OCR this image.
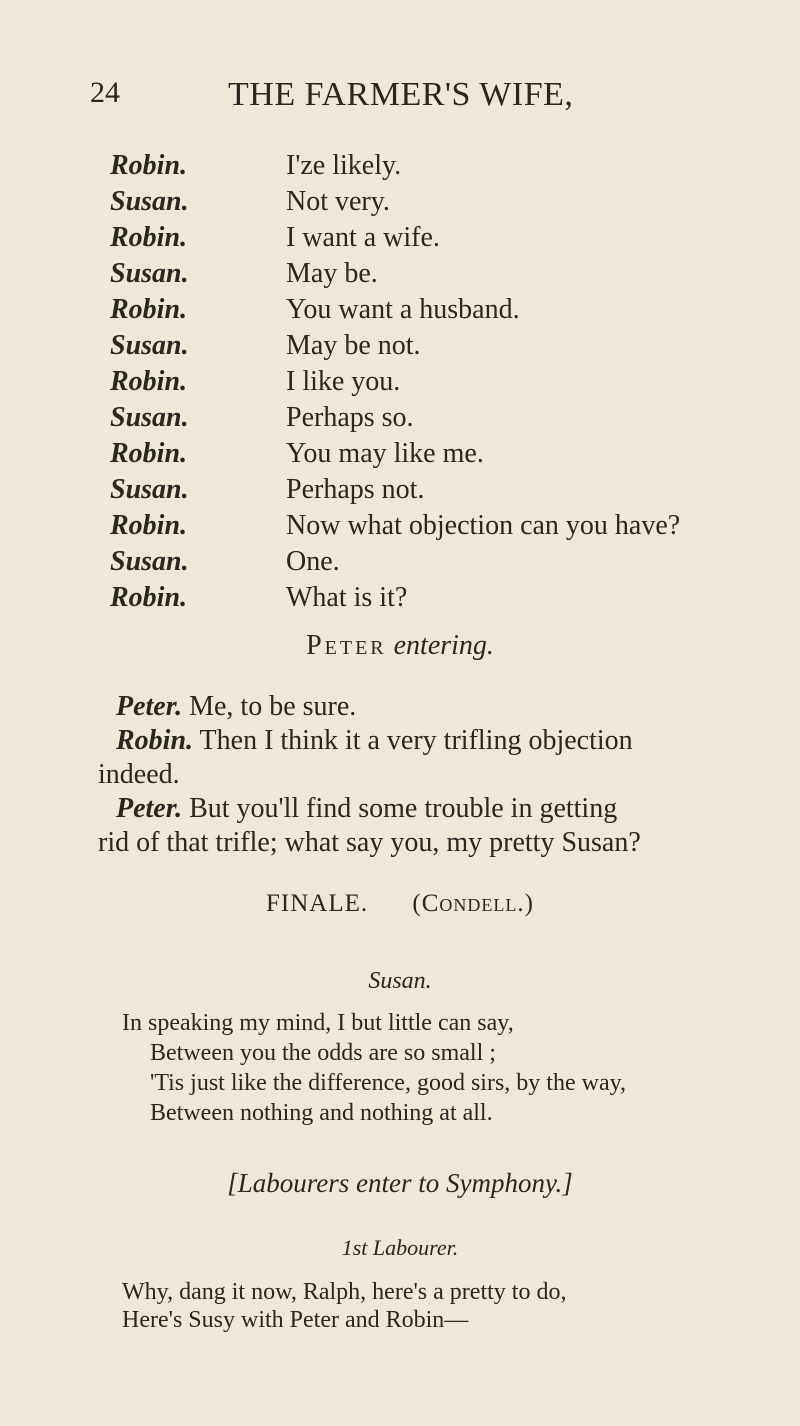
24	THE FARMER'S WIFE,
Robin.	I'ze likely.
Susan.	Not very.
Robin.	I want a wife.
Susan.	May be.
Robin.	You want a husband.
Susan.	May be not.
Robin.	I like you.
Susan.	Perhaps so.
Robin.	You may like me.
Susan.	Perhaps not.
Robin.	Now what objection can you have?
Susan.	One.
Robin.	What is it?
Peter entering.

Peter. Me, to be sure.

Robin. Then I think it a very trifling objection
indeed.

Peter. But you'll find some trouble in getting
rid of that trifle; what say you, my pretty Susan?

FINALE. (Condell.)
Susan.
In speaking my mind, I but little can say,
Between you the odds are so small ;
'Tis just like the difference, good sirs, by the way,
Between nothing and nothing at all.
[Labourers enter to Symphony.]
1st Labourer.
Why, dang it now, Ralph, here's a pretty to do,
Here's Susy with Peter and Robin—
